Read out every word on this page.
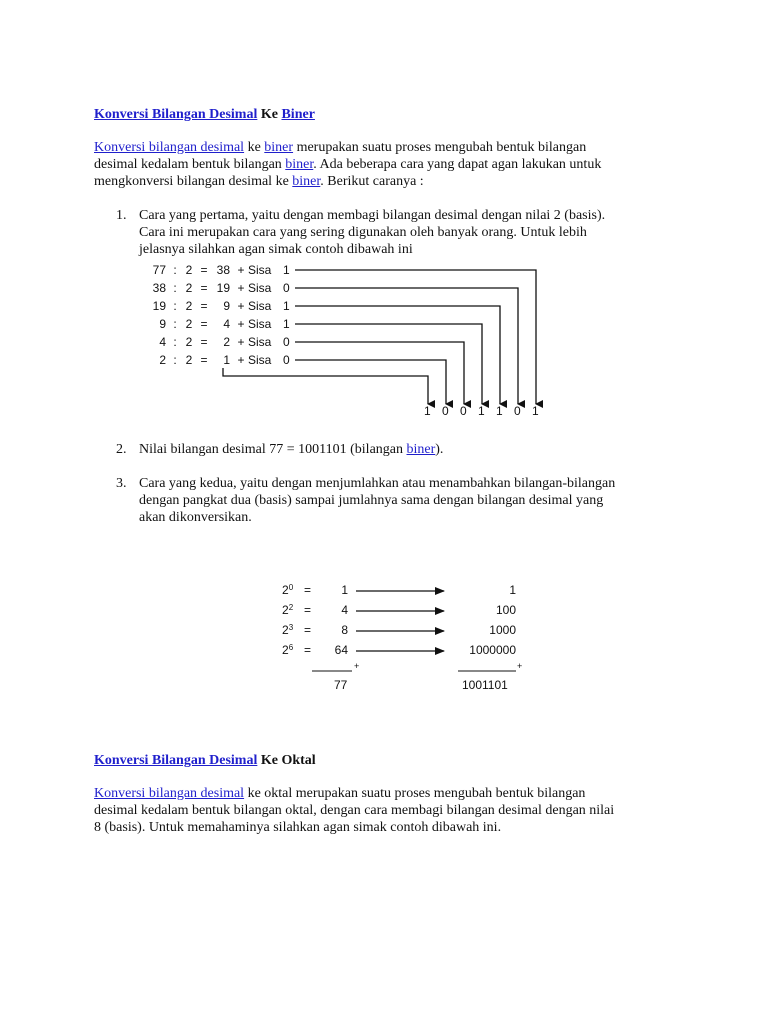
Konversi Bilangan Desimal Ke Biner
Konversi bilangan desimal ke biner merupakan suatu proses mengubah bentuk bilangan
desimal kedalam bentuk bilangan biner. Ada beberapa cara yang dapat agan lakukan untuk
mengkonversi bilangan desimal ke biner. Berikut caranya :
1. Cara yang pertama, yaitu dengan membagi bilangan desimal dengan nilai 2 (basis).
Cara ini merupakan cara yang sering digunakan oleh banyak orang. Untuk lebih
jelasnya silahkan agan simak contoh dibawah ini
77 : 2 = 38 + Sisa 1
38 : 2 = 19 + Sisa 0
19 : 2 =	9 + Sisa 1
9 : 2 =	4 + Sisa 1
4 : 2 =	2 + Sisa 0
2 : 2 =	1 + Sisa 0
1 0 0 1 1 0 1
2. Nilai bilangan desimal 77 = 1001101 (bilangan biner).
3. Cara yang kedua, yaitu dengan menjumlahkan atau menambahkan bilangan-bilangan
dengan pangkat dua (basis) sampai jumlahnya sama dengan bilangan desimal yang
akan dikonversikan.
$2^0$ =	1	1
$2^2$ =	4	100
$2^3$ =	8	1000
$2^6$ =	64	1000000
+	+
77	1001101
Konversi Bilangan Desimal Ke Oktal
Konversi bilangan desimal ke oktal merupakan suatu proses mengubah bentuk bilangan
desimal kedalam bentuk bilangan oktal, dengan cara membagi bilangan desimal dengan nilai
8 (basis). Untuk memahaminya silahkan agan simak contoh dibawah ini.
